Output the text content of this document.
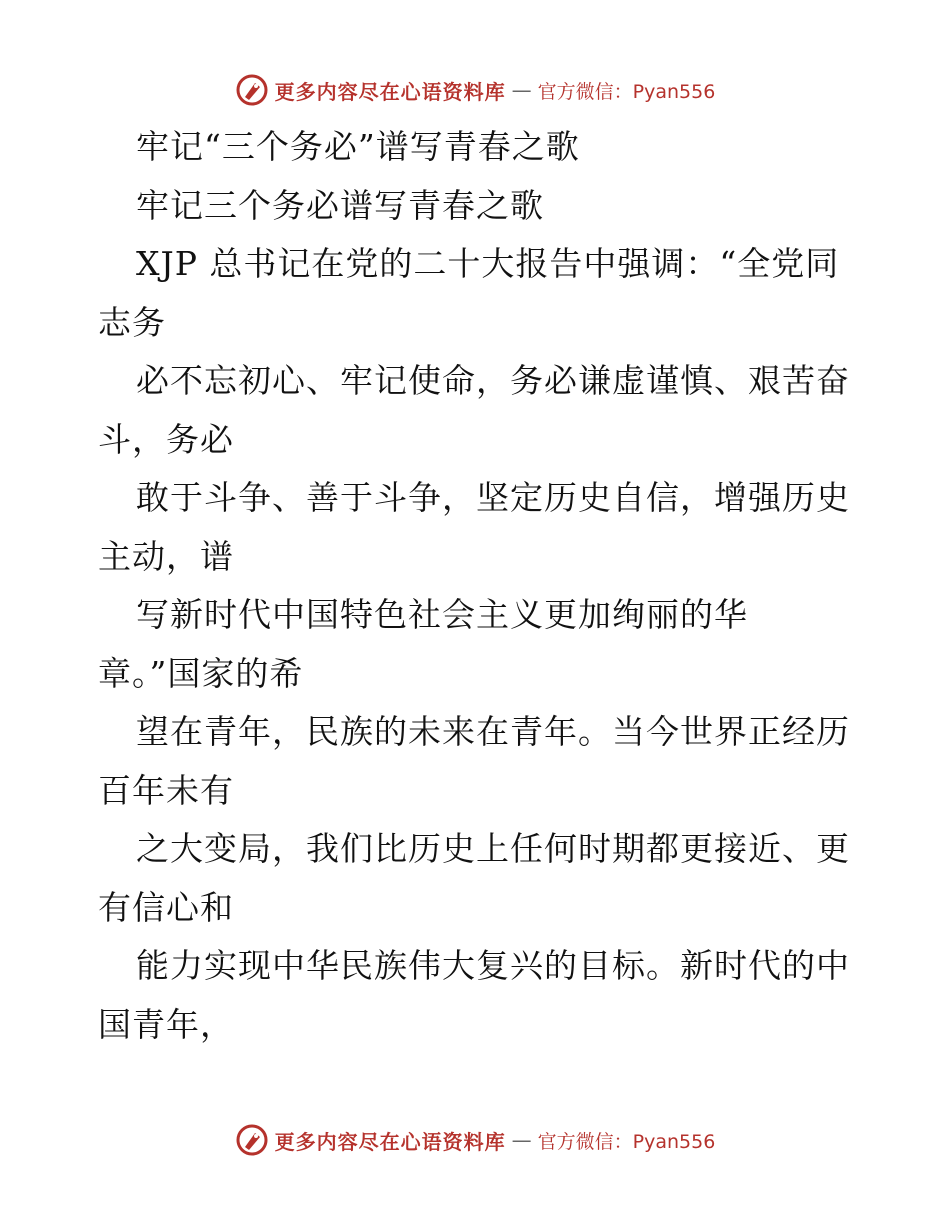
更多内容尽在心语资料库 — 官方微信：Pyan556
牢记“三个务必”谱写青春之歌
牢记三个务必谱写青春之歌
XJP 总书记在党的二十大报告中强调：“全党同
志务
必不忘初心、牢记使命，务必谦虚谨慎、艰苦奋
斗，务必
敢于斗争、善于斗争，坚定历史自信，增强历史
主动，谱
写新时代中国特色社会主义更加绚丽的华
章。”国家的希
望在青年，民族的未来在青年。当今世界正经历
百年未有
之大变局，我们比历史上任何时期都更接近、更
有信心和
能力实现中华民族伟大复兴的目标。新时代的中
国青年，
更多内容尽在心语资料库 — 官方微信：Pyan556
